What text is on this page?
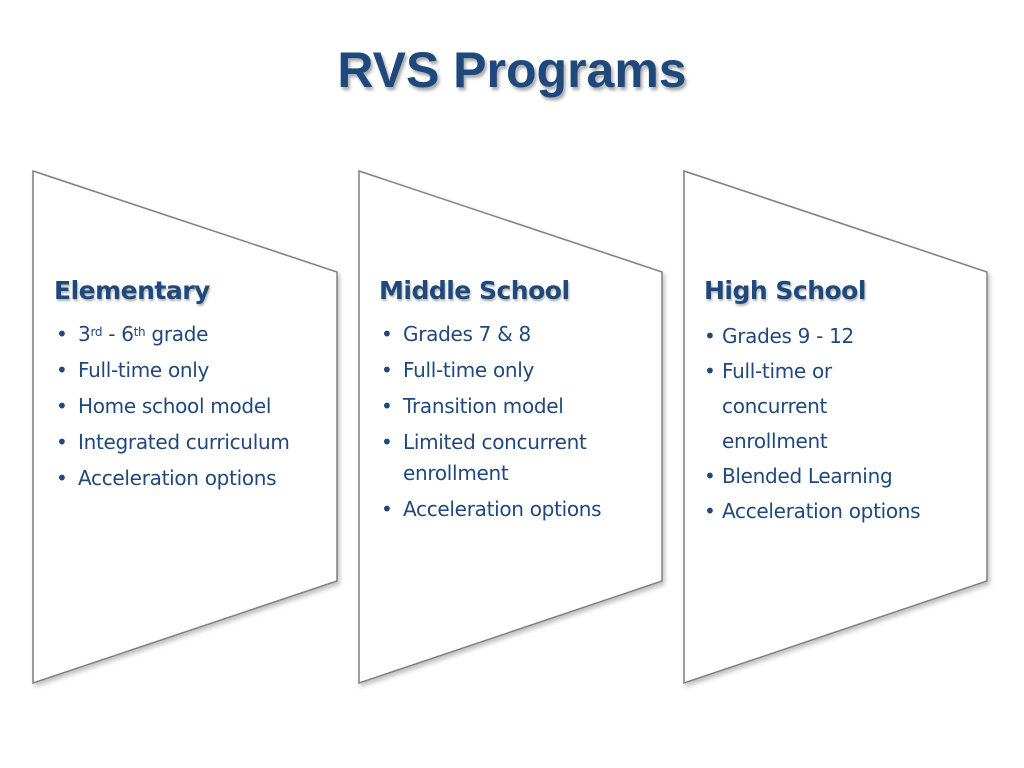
RVS Programs
Elementary
• 3rd - 6th grade
• Full-time only
• Home school model
• Integrated curriculum
• Acceleration options
Middle School
• Grades 7 & 8
• Full-time only
• Transition model
• Limited concurrent enrollment
• Acceleration options
High School
• Grades 9 - 12
• Full-time or concurrent enrollment
• Blended Learning
• Acceleration options
